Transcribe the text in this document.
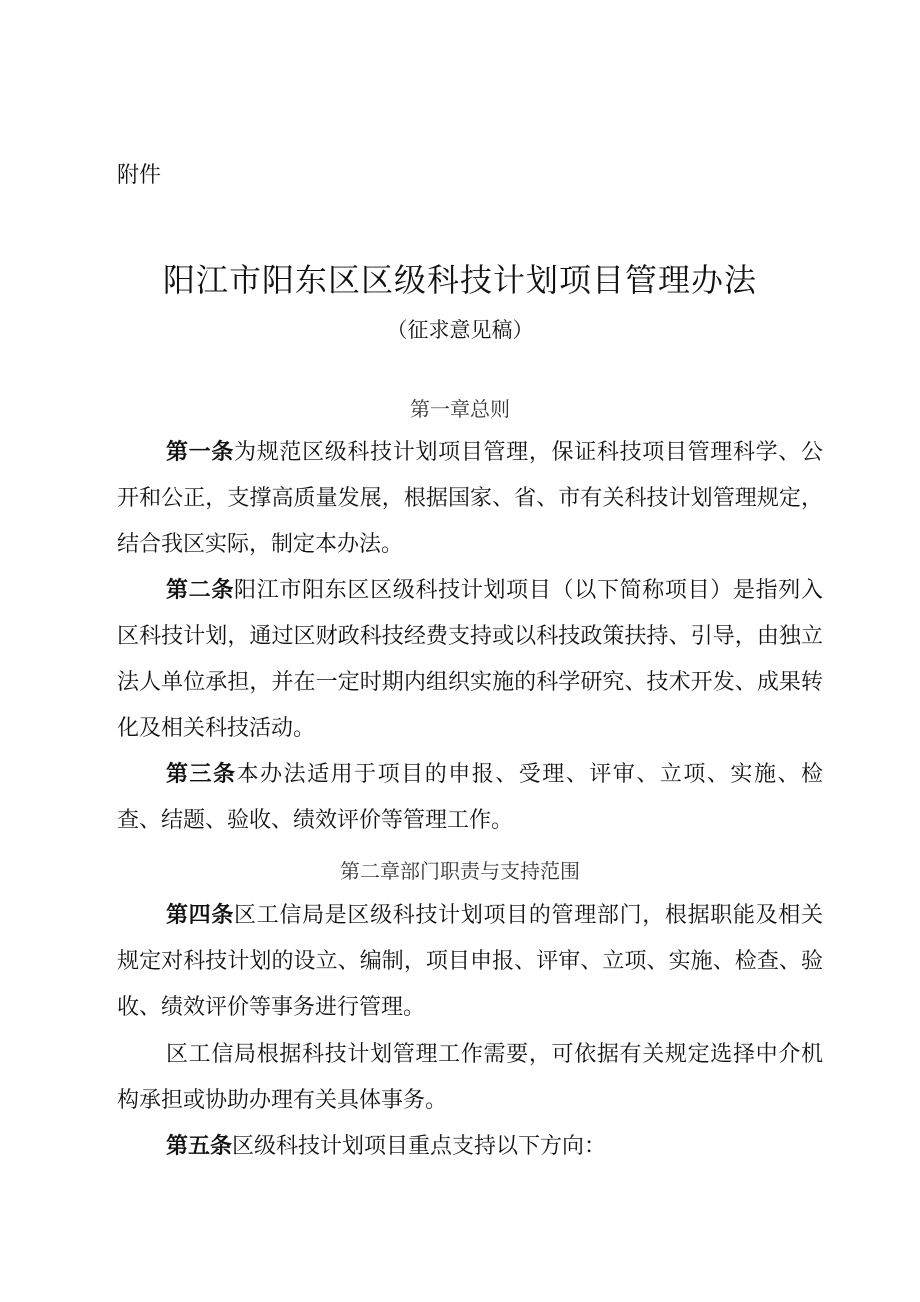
附件
阳江市阳东区区级科技计划项目管理办法
（征求意见稿）
第一章总则

第一条为规范区级科技计划项目管理，保证科技项目管理科学、公开和公正，支撑高质量发展，根据国家、省、市有关科技计划管理规定，结合我区实际，制定本办法。

第二条阳江市阳东区区级科技计划项目（以下简称项目）是指列入区科技计划，通过区财政科技经费支持或以科技政策扶持、引导，由独立法人单位承担，并在一定时期内组织实施的科学研究、技术开发、成果转化及相关科技活动。

第三条本办法适用于项目的申报、受理、评审、立项、实施、检查、结题、验收、绩效评价等管理工作。

第二章部门职责与支持范围

第四条区工信局是区级科技计划项目的管理部门，根据职能及相关规定对科技计划的设立、编制，项目申报、评审、立项、实施、检查、验收、绩效评价等事务进行管理。

区工信局根据科技计划管理工作需要，可依据有关规定选择中介机构承担或协助办理有关具体事务。

第五条区级科技计划项目重点支持以下方向：
